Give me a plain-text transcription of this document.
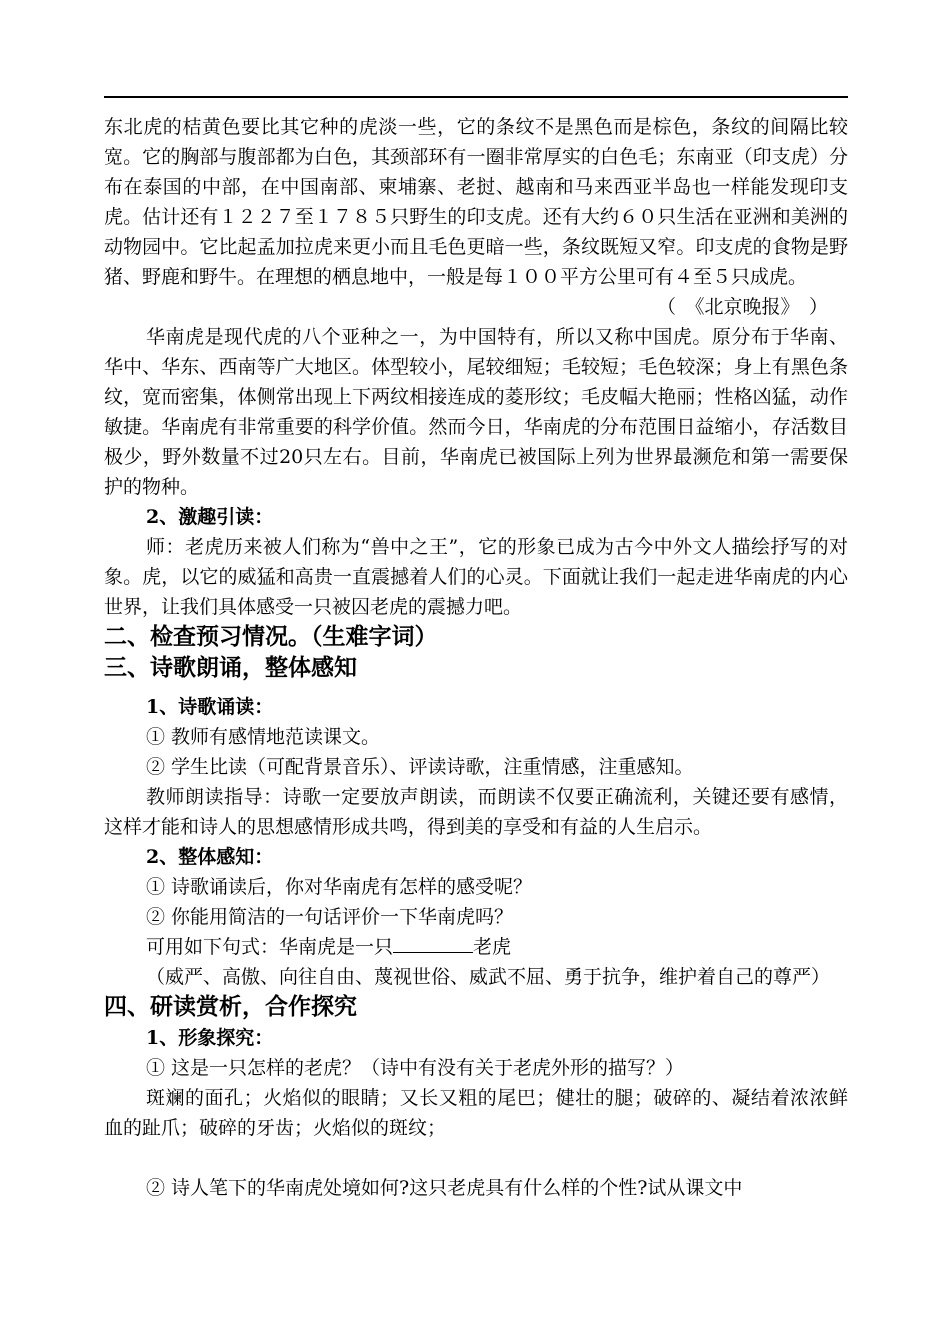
东北虎的桔黄色要比其它种的虎淡一些，它的条纹不是黑色而是棕色，条纹的间隔比较宽。它的胸部与腹部都为白色，其颈部环有一圈非常厚实的白色毛；东南亚（印支虎）分布在泰国的中部，在中国南部、柬埔寨、老挝、越南和马来西亚半岛也一样能发现印支虎。估计还有１２２７至１７８５只野生的印支虎。还有大约６０只生活在亚洲和美洲的动物园中。它比起孟加拉虎来更小而且毛色更暗一些，条纹既短又窄。印支虎的食物是野猪、野鹿和野牛。在理想的栖息地中，一般是每１００平方公里可有４至５只成虎。

（　《北京晚报》　）

华南虎是现代虎的八个亚种之一，为中国特有，所以又称中国虎。原分布于华南、华中、华东、西南等广大地区。体型较小，尾较细短；毛较短；毛色较深；身上有黑色条纹，宽而密集，体侧常出现上下两纹相接连成的菱形纹；毛皮幅大艳丽；性格凶猛，动作敏捷。华南虎有非常重要的科学价值。然而今日，华南虎的分布范围日益缩小，存活数目极少，野外数量不过20只左右。目前，华南虎已被国际上列为世界最濒危和第一需要保护的物种。

2、激趣引读：

师：老虎历来被人们称为“兽中之王”，它的形象已成为古今中外文人描绘抒写的对象。虎，以它的威猛和高贵一直震撼着人们的心灵。下面就让我们一起走进华南虎的内心世界，让我们具体感受一只被囚老虎的震撼力吧。

二、检查预习情况。（生难字词）

三、诗歌朗诵，整体感知

1、诗歌诵读：

① 教师有感情地范读课文。

② 学生比读（可配背景音乐）、评读诗歌，注重情感，注重感知。

教师朗读指导：诗歌一定要放声朗读，而朗读不仅要正确流利，关键还要有感情，这样才能和诗人的思想感情形成共鸣，得到美的享受和有益的人生启示。

2、整体感知：

① 诗歌诵读后，你对华南虎有怎样的感受呢？

② 你能用简洁的一句话评价一下华南虎吗？

可用如下句式：华南虎是一只	老虎

（威严、高傲、向往自由、蔑视世俗、威武不屈、勇于抗争，维护着自己的尊严）

四、研读赏析，合作探究

1、形象探究：

① 这是一只怎样的老虎？（诗中有没有关于老虎外形的描写？）

斑斓的面孔；火焰似的眼睛；又长又粗的尾巴；健壮的腿；破碎的、凝结着浓浓鲜血的趾爪；破碎的牙齿；火焰似的斑纹；

② 诗人笔下的华南虎处境如何?这只老虎具有什么样的个性?试从课文中
